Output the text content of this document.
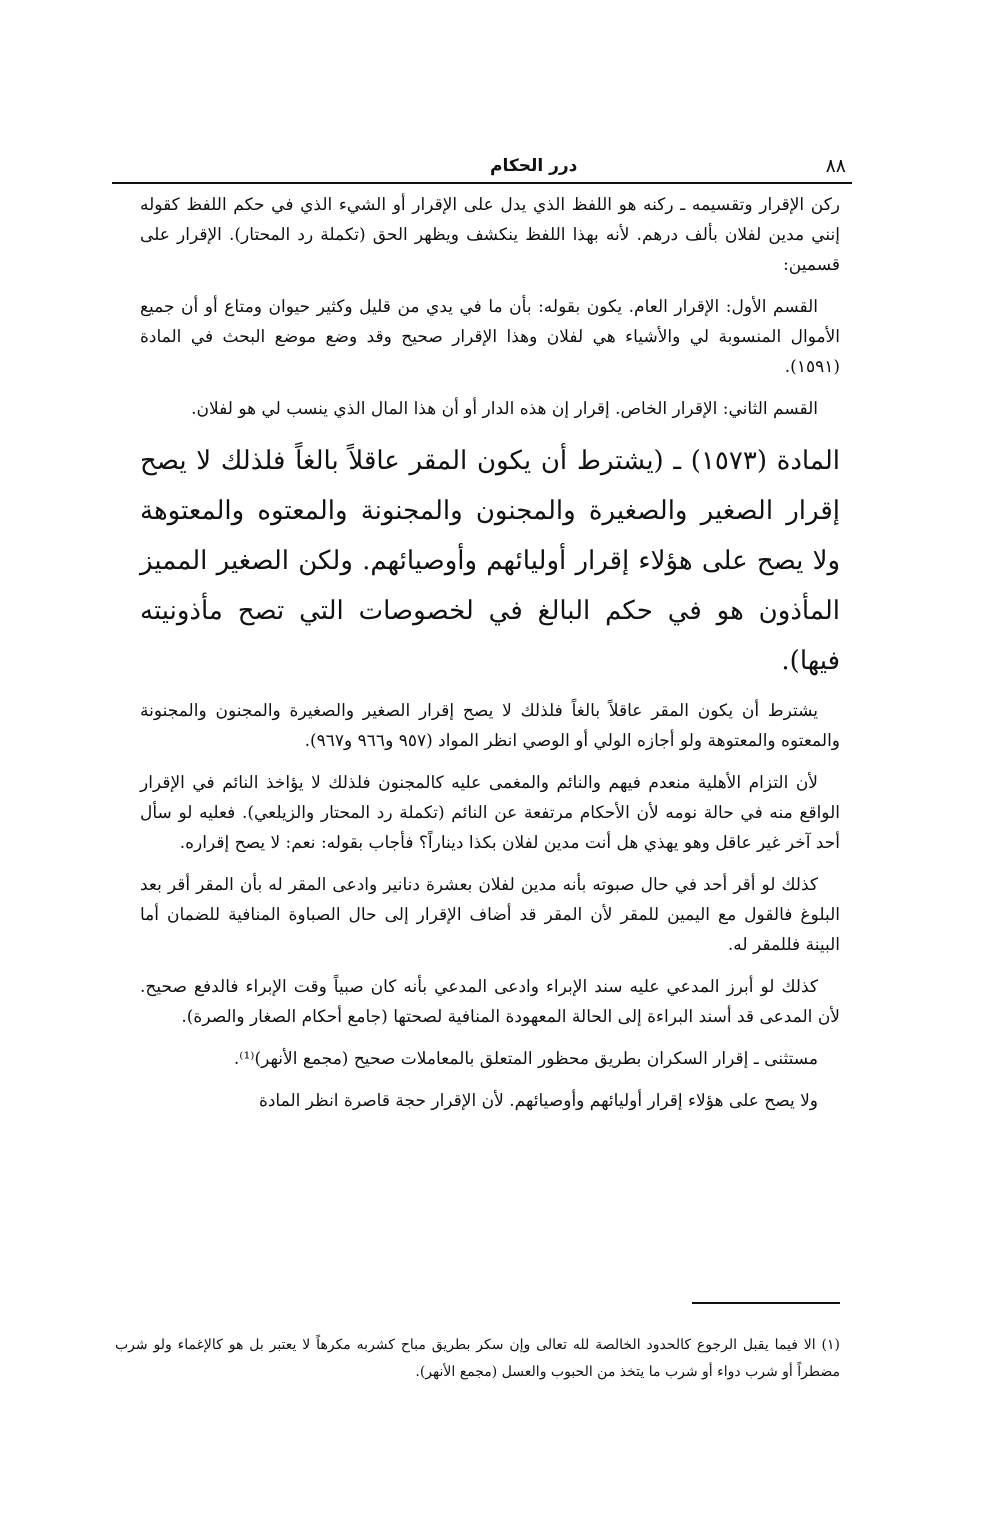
٨٨
درر الحكام

ركن الإقرار وتقسيمه ـ ركنه هو اللفظ الذي يدل على الإقرار أو الشيء الذي في حكم اللفظ كقوله إنني مدين لفلان بألف درهم. لأنه بهذا اللفظ ينكشف ويظهر الحق (تكملة رد المحتار). الإقرار على قسمين:

القسم الأول: الإقرار العام. يكون بقوله: بأن ما في يدي من قليل وكثير حيوان ومتاع أو أن جميع الأموال المنسوبة لي والأشياء هي لفلان وهذا الإقرار صحيح وقد وضع موضع البحث في المادة (١٥٩١).

القسم الثاني: الإقرار الخاص. إقرار إن هذه الدار أو أن هذا المال الذي ينسب لي هو لفلان.

المادة (١٥٧٣) ـ (يشترط أن يكون المقر عاقلاً بالغاً فلذلك لا يصح إقرار الصغير والصغيرة والمجنون والمجنونة والمعتوه والمعتوهة ولا يصح على هؤلاء إقرار أوليائهم وأوصيائهم. ولكن الصغير المميز المأذون هو في حكم البالغ في لخصوصات التي تصح مأذونيته فيها).

يشترط أن يكون المقر عاقلاً بالغاً فلذلك لا يصح إقرار الصغير والصغيرة والمجنون والمجنونة والمعتوه والمعتوهة ولو أجازه الولي أو الوصي انظر المواد (٩٥٧ و٩٦٦ و٩٦٧).

لأن التزام الأهلية منعدم فيهم والنائم والمغمى عليه كالمجنون فلذلك لا يؤاخذ النائم في الإقرار الواقع منه في حالة نومه لأن الأحكام مرتفعة عن النائم (تكملة رد المحتار والزيلعي). فعليه لو سأل أحد آخر غير عاقل وهو يهذي هل أنت مدين لفلان بكذا ديناراً؟ فأجاب بقوله: نعم: لا يصح إقراره.

كذلك لو أقر أحد في حال صبوته بأنه مدين لفلان بعشرة دنانير وادعى المقر له بأن المقر أقر بعد البلوغ فالقول مع اليمين للمقر لأن المقر قد أضاف الإقرار إلى حال الصباوة المنافية للضمان أما البينة فللمقر له.

كذلك لو أبرز المدعي عليه سند الإبراء وادعى المدعي بأنه كان صبياً وقت الإبراء فالدفع صحيح. لأن المدعى قد أسند البراءة إلى الحالة المعهودة المنافية لصحتها (جامع أحكام الصغار والصرة).

مستثنى ـ إقرار السكران بطريق محظور المتعلق بالمعاملات صحيح (مجمع الأنهر)⁽¹⁾.

ولا يصح على هؤلاء إقرار أوليائهم وأوصيائهم. لأن الإقرار حجة قاصرة انظر المادة

(١) الا فيما يقبل الرجوع كالحدود الخالصة لله تعالى وإن سكر بطريق مباح كشربه مكرهاً لا يعتبر بل هو كالإغماء ولو شرب مضطراً أو شرب دواء أو شرب ما يتخذ من الحبوب والعسل (مجمع الأنهر).
